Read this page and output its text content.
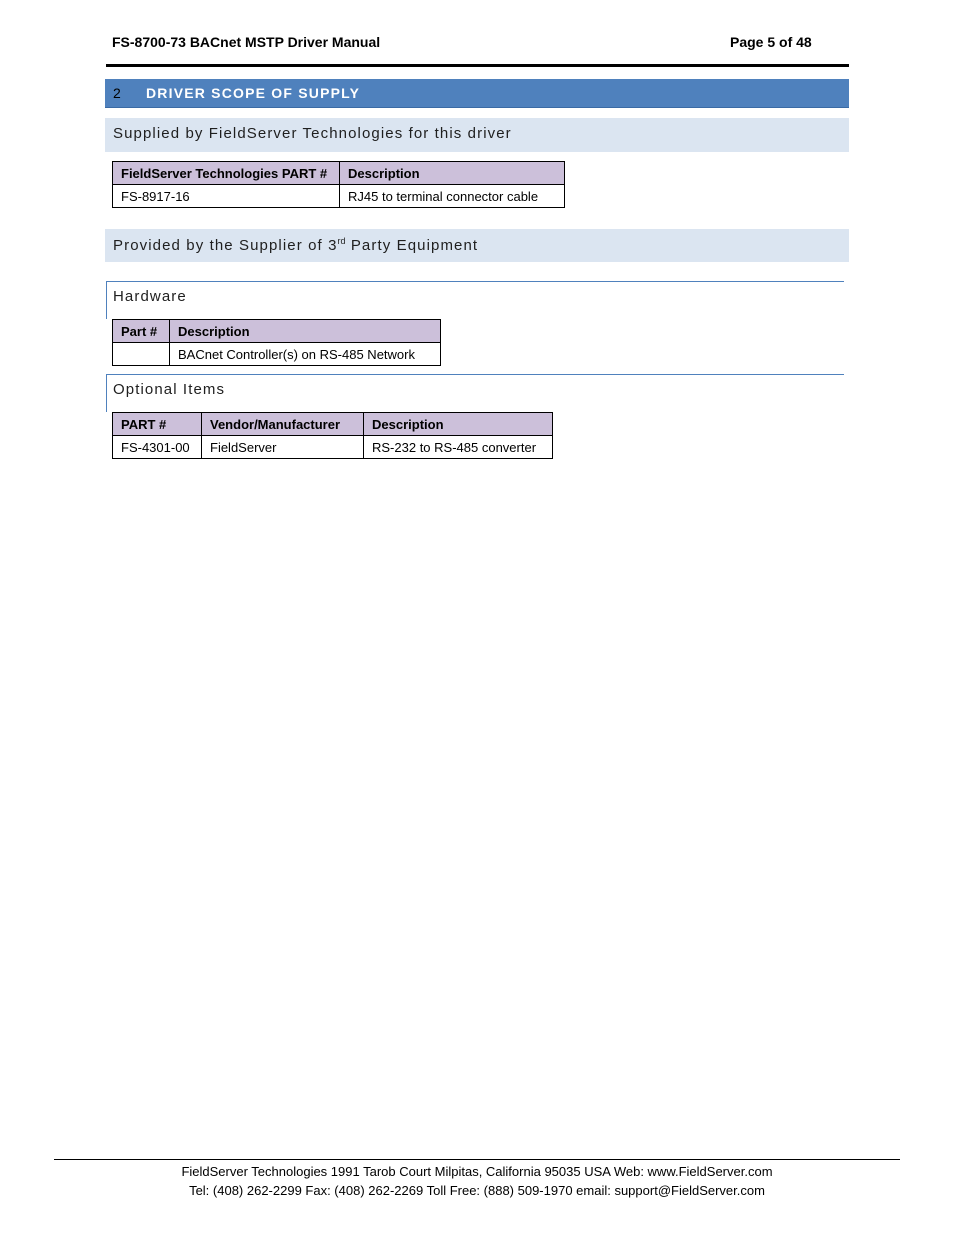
FS-8700-73 BACnet MSTP Driver Manual	Page 5 of 48
2 DRIVER SCOPE OF SUPPLY
Supplied by FieldServer Technologies for this driver
FieldServer Technologies PART #	Description
FS-8917-16	RJ45 to terminal connector cable
Provided by the Supplier of 3rd Party Equipment
Hardware
Part #	Description
	BACnet Controller(s) on RS-485 Network
Optional Items
PART #	Vendor/Manufacturer	Description
FS-4301-00	FieldServer	RS-232 to RS-485 converter
FieldServer Technologies 1991 Tarob Court Milpitas, California 95035 USA Web: www.FieldServer.com
Tel: (408) 262-2299 Fax: (408) 262-2269 Toll Free: (888) 509-1970 email: support@FieldServer.com
